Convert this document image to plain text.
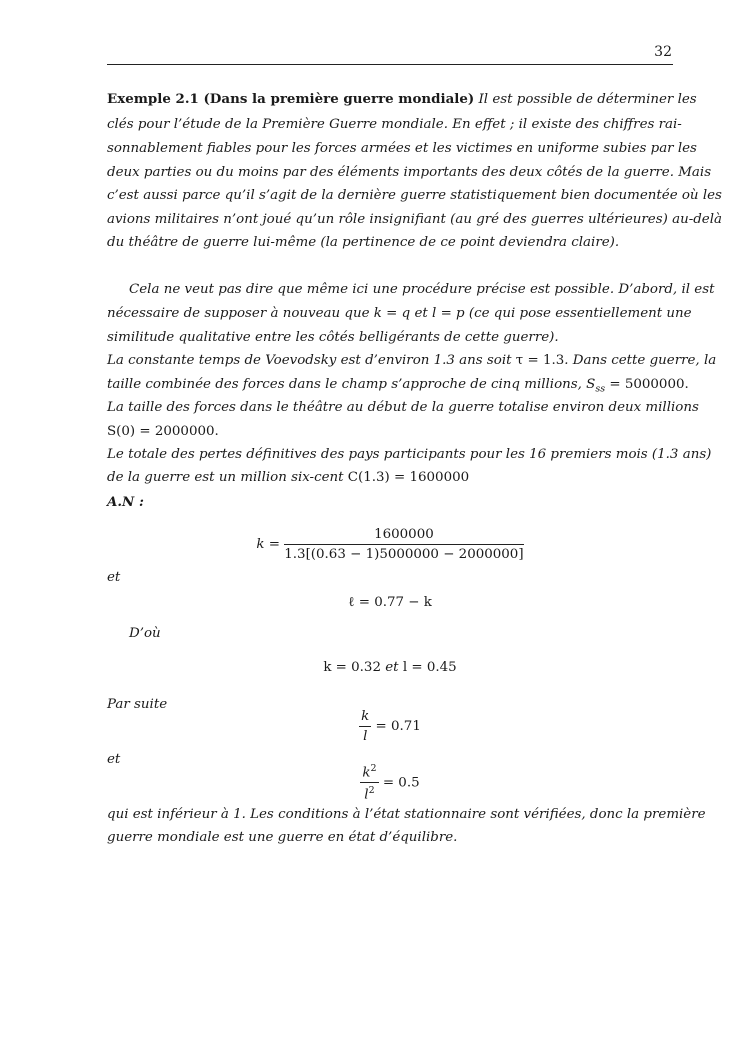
32
Exemple 2.1 (Dans la première guerre mondiale) Il est possible de déterminer les
clés pour l’étude de la Première Guerre mondiale. En effet ; il existe des chiffres rai-
sonnablement fiables pour les forces armées et les victimes en uniforme subies par les
deux parties ou du moins par des éléments importants des deux côtés de la guerre. Mais
c’est aussi parce qu’il s’agit de la dernière guerre statistiquement bien documentée où les
avions militaires n’ont joué qu’un rôle insignifiant (au gré des guerres ultérieures) au-delà
du théâtre de guerre lui-même (la pertinence de ce point deviendra claire).
Cela ne veut pas dire que même ici une procédure précise est possible. D’abord, il est
nécessaire de supposer à nouveau que k = q et l = p (ce qui pose essentiellement une
similitude qualitative entre les côtés belligérants de cette guerre).
La constante temps de Voevodsky est d’environ 1.3 ans soit τ = 1.3. Dans cette guerre, la
taille combinée des forces dans le champ s’approche de cinq millions, $S_{ss} = 5000000$.
La taille des forces dans le théâtre au début de la guerre totalise environ deux millions
S(0) = 2000000.
Le totale des pertes définitives des pays participants pour les 16 premiers mois (1.3 ans)
de la guerre est un million six-cent C(1.3) = 1600000
A.N :
$k = \frac{1600000}{1.3[(0.63 - 1)5000000 - 2000000]}$
et
ℓ = 0.77 − k
D’où
k = 0.32 et l = 0.45
Par suite
$\frac{k}{l} = 0.71$
et
$\frac{k^2}{l^2} = 0.5$
qui est inférieur à 1. Les conditions à l’état stationnaire sont vérifiées, donc la première
guerre mondiale est une guerre en état d’équilibre.
